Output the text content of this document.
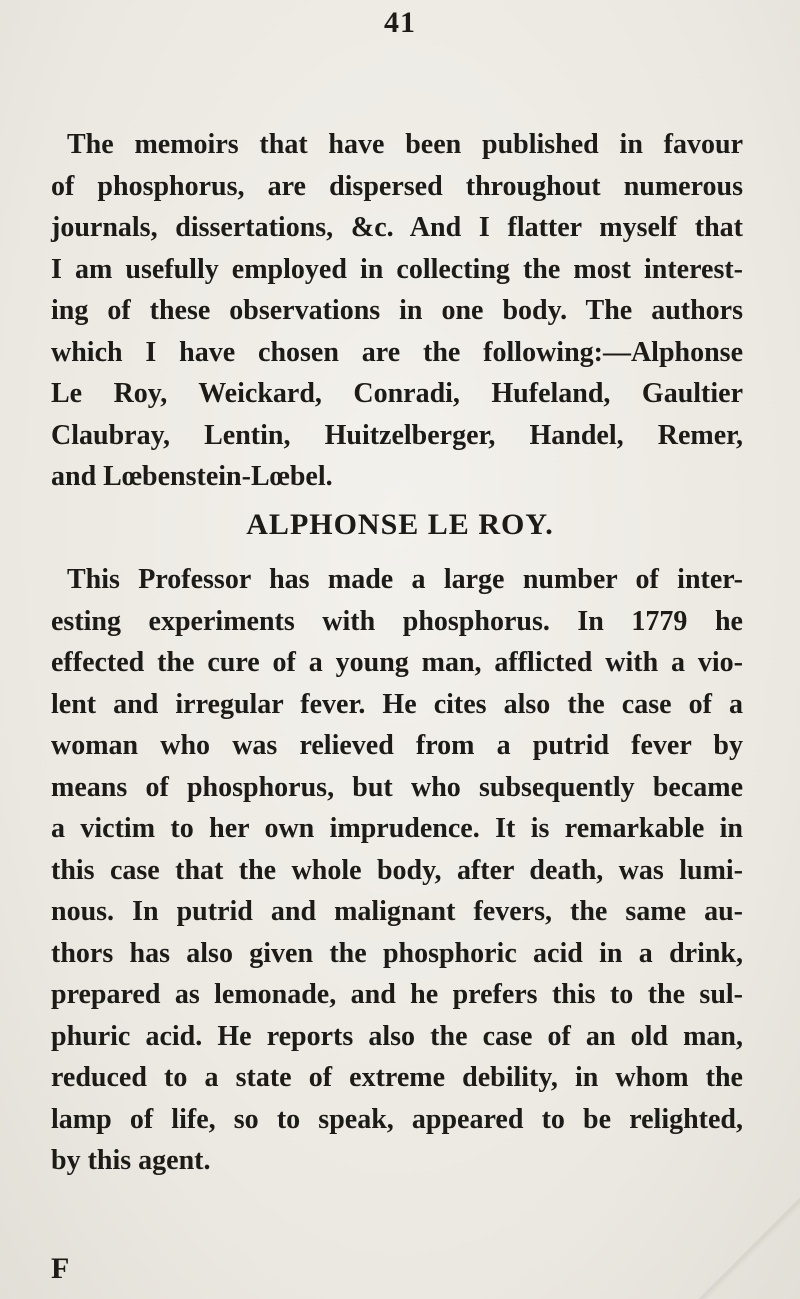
41
The memoirs that have been published in favour
of phosphorus, are dispersed throughout numerous
journals, dissertations, &c. And I flatter myself that
I am usefully employed in collecting the most interest-
ing of these observations in one body. The authors
which I have chosen are the following:—Alphonse
Le Roy, Weickard, Conradi, Hufeland, Gaultier
Claubray, Lentin, Huitzelberger, Handel, Remer,
and Lœbenstein-Lœbel.
ALPHONSE LE ROY.
This Professor has made a large number of inter-
esting experiments with phosphorus. In 1779 he
effected the cure of a young man, afflicted with a vio-
lent and irregular fever. He cites also the case of a
woman who was relieved from a putrid fever by
means of phosphorus, but who subsequently became
a victim to her own imprudence. It is remarkable in
this case that the whole body, after death, was lumi-
nous. In putrid and malignant fevers, the same au-
thors has also given the phosphoric acid in a drink,
prepared as lemonade, and he prefers this to the sul-
phuric acid. He reports also the case of an old man,
reduced to a state of extreme debility, in whom the
lamp of life, so to speak, appeared to be relighted,
by this agent.
F
